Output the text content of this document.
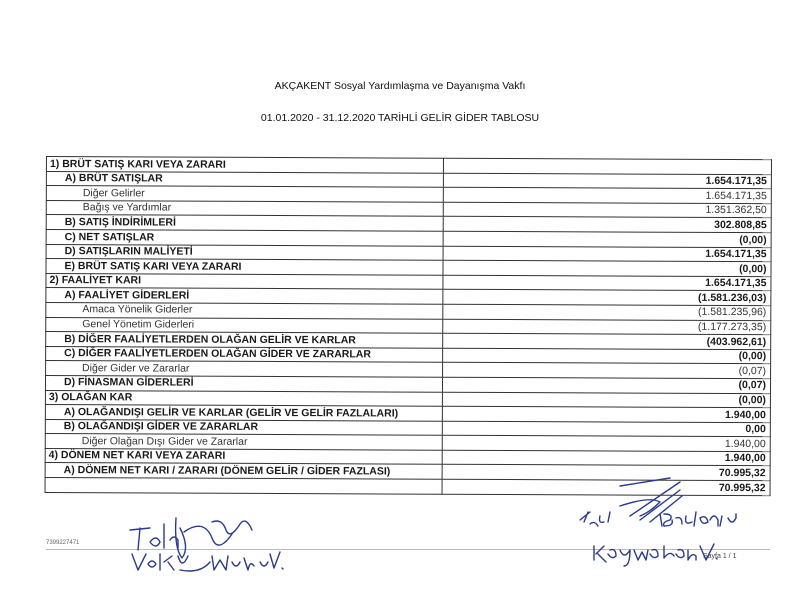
AKÇAKENT Sosyal Yardımlaşma ve Dayanışma Vakfı
01.01.2020 - 31.12.2020 TARİHLİ GELİR GİDER TABLOSU
1) BRÜT SATIŞ KARI VEYA ZARARI	
A) BRÜT SATIŞLAR	1.654.171,35
Diğer Gelirler	1.654.171,35
Bağış ve Yardımlar	1.351.362,50
B) SATIŞ İNDİRİMLERİ	302.808,85
C) NET SATIŞLAR	(0,00)
D) SATIŞLARIN MALİYETİ	1.654.171,35
E) BRÜT SATIŞ KARI VEYA ZARARI	(0,00)
2) FAALİYET KARI	1.654.171,35
A) FAALİYET GİDERLERİ	(1.581.236,03)
Amaca Yönelik Giderler	(1.581.235,96)
Genel Yönetim Giderleri	(1.177.273,35)
B) DİĞER FAALİYETLERDEN OLAĞAN GELİR VE KARLAR	(403.962,61)
C) DİĞER FAALİYETLERDEN OLAĞAN GİDER VE ZARARLAR	(0,00)
Diğer Gider ve Zararlar	(0,07)
D) FİNASMAN GİDERLERİ	(0,07)
3) OLAĞAN KAR	(0,00)
A) OLAĞANDIŞI GELİR VE KARLAR (GELİR VE GELİR FAZLALARI)	1.940,00
B) OLAĞANDIŞI GİDER VE ZARARLAR	0,00
Diğer Olağan Dışı Gider ve Zararlar	1.940,00
4) DÖNEM NET KARI VEYA ZARARI	1.940,00
A) DÖNEM NET KARI / ZARARI (DÖNEM GELİR / GİDER FAZLASI)	70.995,32
	70.995,32
7399227471
Sayfa 1 / 1
